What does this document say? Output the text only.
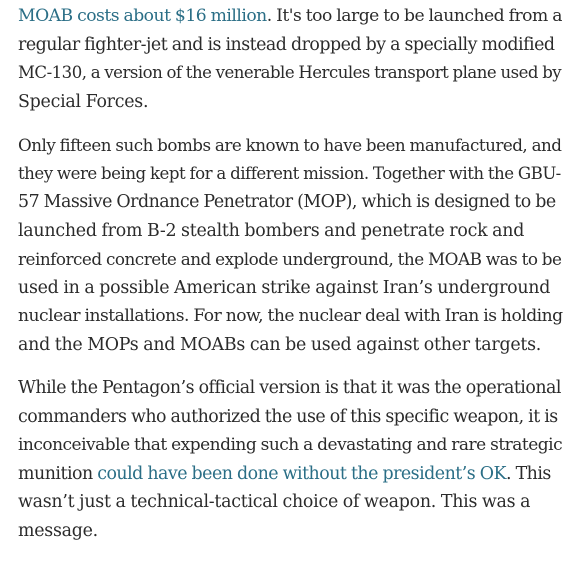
MOAB costs about $16 million. It's too large to be launched from a
regular fighter-jet and is instead dropped by a specially modified
MC-130, a version of the venerable Hercules transport plane used by
Special Forces.

Only fifteen such bombs are known to have been manufactured, and
they were being kept for a different mission. Together with the GBU-
57 Massive Ordnance Penetrator (MOP), which is designed to be
launched from B-2 stealth bombers and penetrate rock and
reinforced concrete and explode underground, the MOAB was to be
used in a possible American strike against Iran’s underground
nuclear installations. For now, the nuclear deal with Iran is holding
and the MOPs and MOABs can be used against other targets.

While the Pentagon’s official version is that it was the operational
commanders who authorized the use of this specific weapon, it is
inconceivable that expending such a devastating and rare strategic
munition could have been done without the president’s OK. This
wasn’t just a technical-tactical choice of weapon. This was a
message.
